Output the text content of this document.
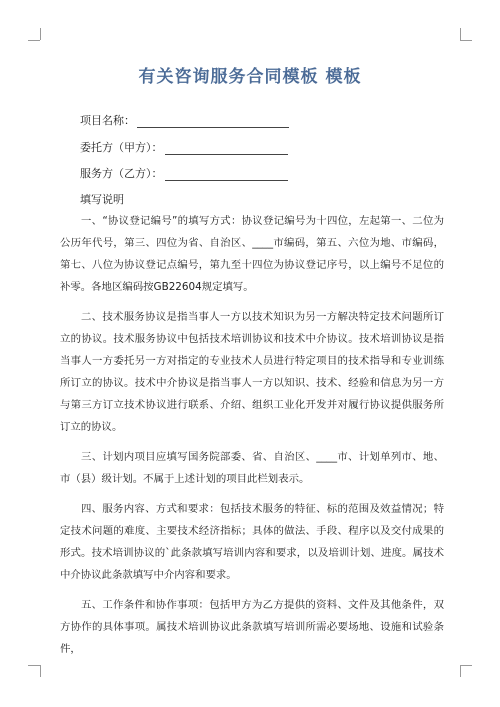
有关咨询服务合同模板 模板
项目名称：
委托方（甲方）：
服务方（乙方）：
填写说明

一、“协议登记编号”的填写方式：协议登记编号为十四位，左起第一、二位为公历年代号，第三、四位为省、自治区、____市编码，第五、六位为地、市编码，第七、八位为协议登记点编号，第九至十四位为协议登记序号，以上编号不足位的补零。各地区编码按GB22604规定填写。

二、技术服务协议是指当事人一方以技术知识为另一方解决特定技术问题所订立的协议。技术服务协议中包括技术培训协议和技术中介协议。技术培训协议是指当事人一方委托另一方对指定的专业技术人员进行特定项目的技术指导和专业训练所订立的协议。技术中介协议是指当事人一方以知识、技术、经验和信息为另一方与第三方订立技术协议进行联系、介绍、组织工业化开发并对履行协议提供服务所订立的协议。

三、计划内项目应填写国务院部委、省、自治区、____市、计划单列市、地、市（县）级计划。不属于上述计划的项目此栏划表示。

四、服务内容、方式和要求：包括技术服务的特征、标的范围及效益情况；特定技术问题的难度、主要技术经济指标；具体的做法、手段、程序以及交付成果的形式。技术培训协议的`此条款填写培训内容和要求，以及培训计划、进度。属技术中介协议此条款填写中介内容和要求。

五、工作条件和协作事项：包括甲方为乙方提供的资料、文件及其他条件，双方协作的具体事项。属技术培训协议此条款填写培训所需必要场地、设施和试验条件，
